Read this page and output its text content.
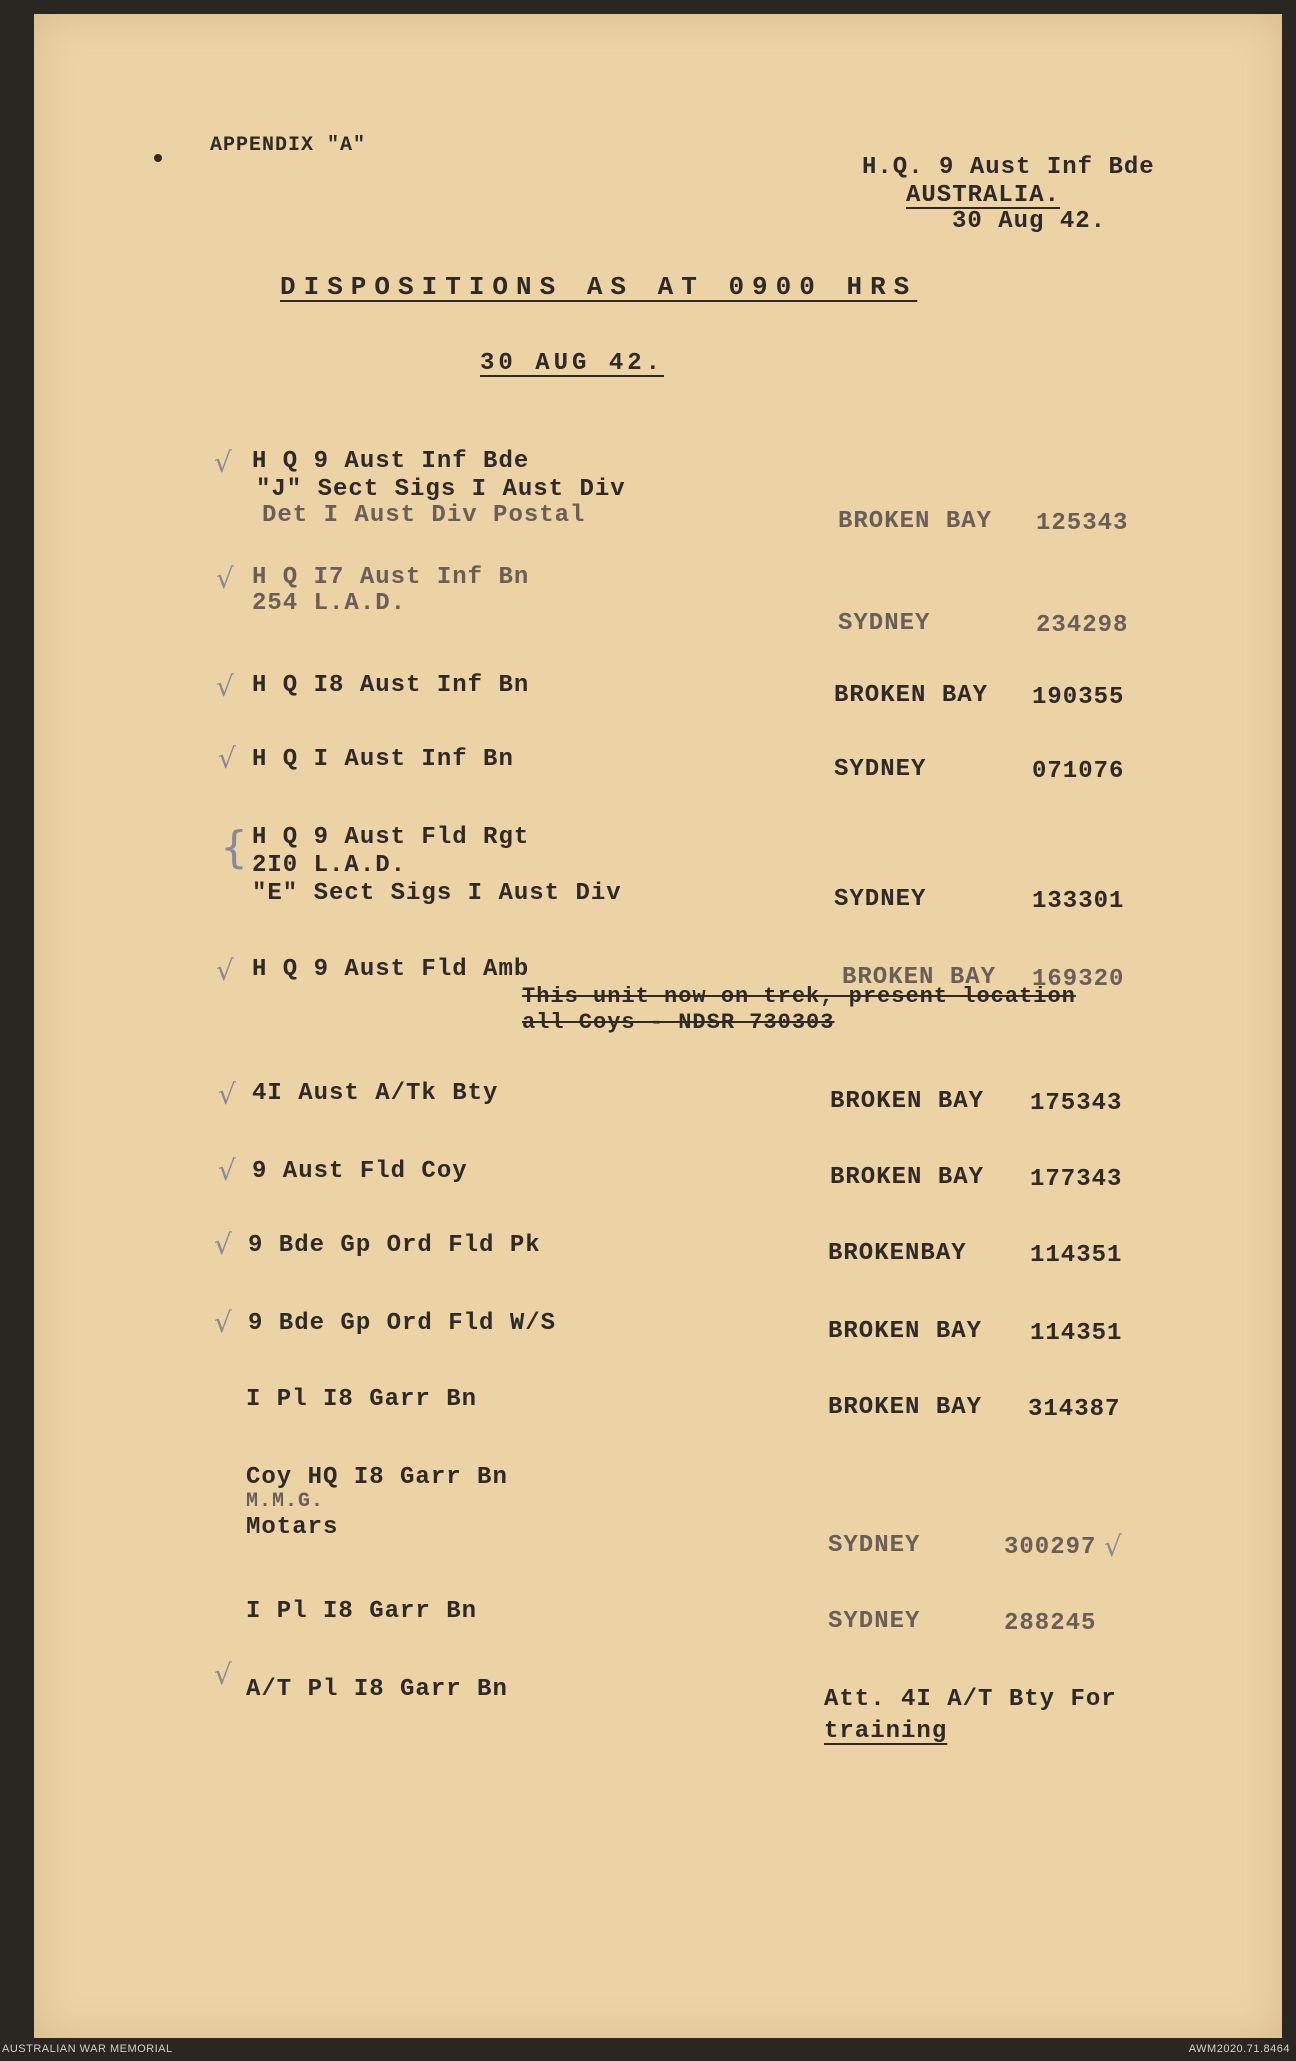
APPENDIX "A"
H.Q. 9 Aust Inf Bde
AUSTRALIA.
30 Aug 42.
DISPOSITIONS AS AT 0900 HRS
30 AUG 42.
√ H Q 9 Aust Inf Bde
"J" Sect Sigs I Aust Div
Det I Aust Div Postal	BROKEN BAY 125343
√ H Q I7 Aust Inf Bn
254 L.A.D.
SYDNEY	234298
√ H Q I8 Aust Inf Bn	BROKEN BAY 190355
√ H Q I Aust Inf Bn	SYDNEY	071076
{ H Q 9 Aust Fld Rgt
2I0 L.A.D.
"E" Sect Sigs I Aust Div	SYDNEY	133301
√ H Q 9 Aust Fld Amb	BROKEN BAY 169320
This unit now on trek, present location
all Coys - NDSR 730303
√ 4I Aust A/Tk Bty	BROKEN BAY 175343
√ 9 Aust Fld Coy	BROKEN BAY 177343
√ 9 Bde Gp Ord Fld Pk	BROKENBAY	114351
√ 9 Bde Gp Ord Fld W/S	BROKEN BAY 114351
I Pl I8 Garr Bn	BROKEN BAY 314387
Coy HQ I8 Garr Bn
M.M.G.
Motars
SYDNEY	300297 √
I Pl I8 Garr Bn	SYDNEY	288245
√ A/T Pl I8 Garr Bn	Att. 4I A/T Bty For
training
AUSTRALIAN WAR MEMORIAL	AWM2020.71.8464
